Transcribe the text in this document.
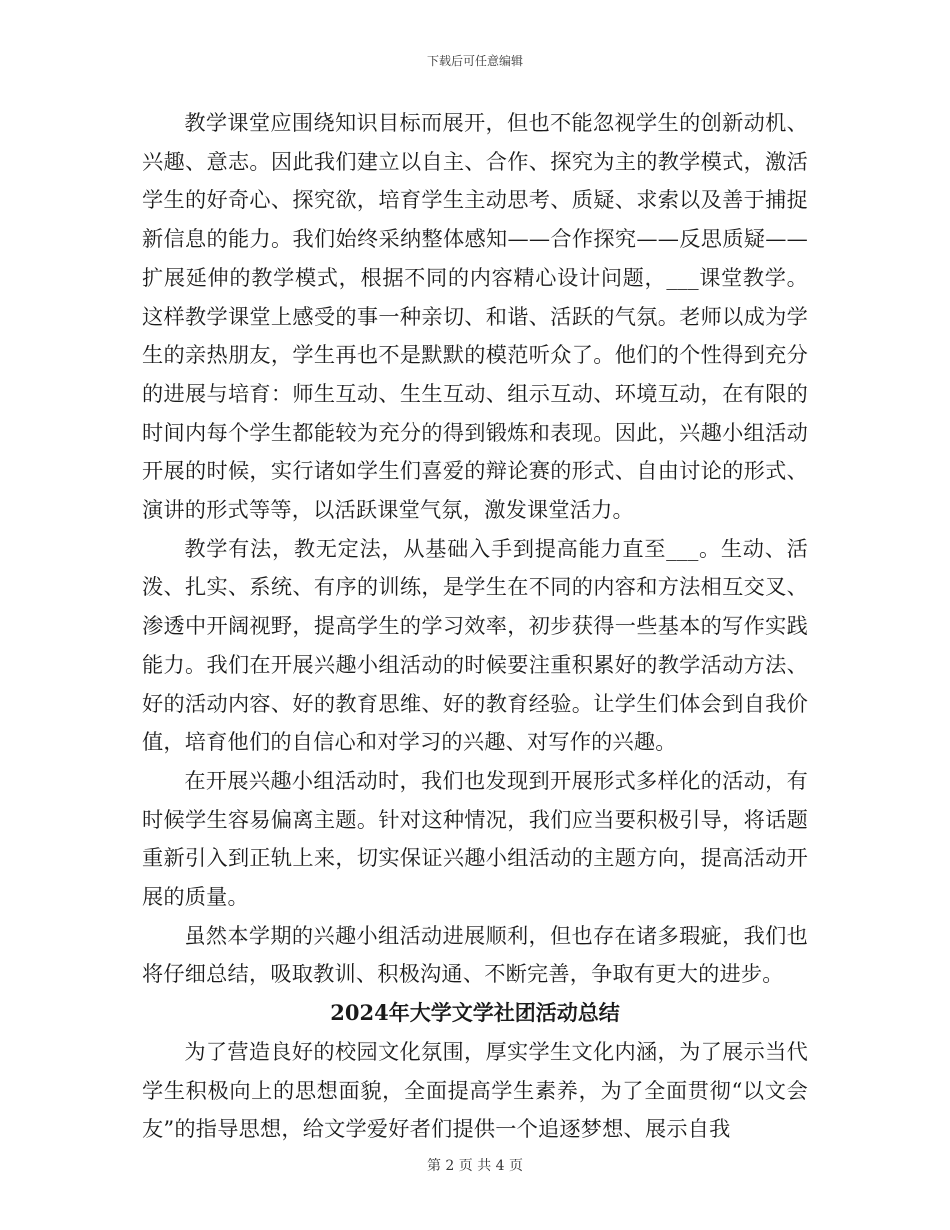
下载后可任意编辑

教学课堂应围绕知识目标而展开，但也不能忽视学生的创新动机、兴趣、意志。因此我们建立以自主、合作、探究为主的教学模式，激活学生的好奇心、探究欲，培育学生主动思考、质疑、求索以及善于捕捉新信息的能力。我们始终采纳整体感知——合作探究——反思质疑——扩展延伸的教学模式，根据不同的内容精心设计问题，___课堂教学。这样教学课堂上感受的事一种亲切、和谐、活跃的气氛。老师以成为学生的亲热朋友，学生再也不是默默的模范听众了。他们的个性得到充分的进展与培育：师生互动、生生互动、组示互动、环境互动，在有限的时间内每个学生都能较为充分的得到锻炼和表现。因此，兴趣小组活动开展的时候，实行诸如学生们喜爱的辩论赛的形式、自由讨论的形式、演讲的形式等等，以活跃课堂气氛，激发课堂活力。

教学有法，教无定法，从基础入手到提高能力直至___。生动、活泼、扎实、系统、有序的训练，是学生在不同的内容和方法相互交叉、渗透中开阔视野，提高学生的学习效率，初步获得一些基本的写作实践能力。我们在开展兴趣小组活动的时候要注重积累好的教学活动方法、好的活动内容、好的教育思维、好的教育经验。让学生们体会到自我价值，培育他们的自信心和对学习的兴趣、对写作的兴趣。

在开展兴趣小组活动时，我们也发现到开展形式多样化的活动，有时候学生容易偏离主题。针对这种情况，我们应当要积极引导，将话题重新引入到正轨上来，切实保证兴趣小组活动的主题方向，提高活动开展的质量。

虽然本学期的兴趣小组活动进展顺利，但也存在诸多瑕疵，我们也将仔细总结，吸取教训、积极沟通、不断完善，争取有更大的进步。

2024年大学文学社团活动总结

为了营造良好的校园文化氛围，厚实学生文化内涵，为了展示当代学生积极向上的思想面貌，全面提高学生素养，为了全面贯彻“以文会友”的指导思想，给文学爱好者们提供一个追逐梦想、展示自我

第 2 页 共 4 页
